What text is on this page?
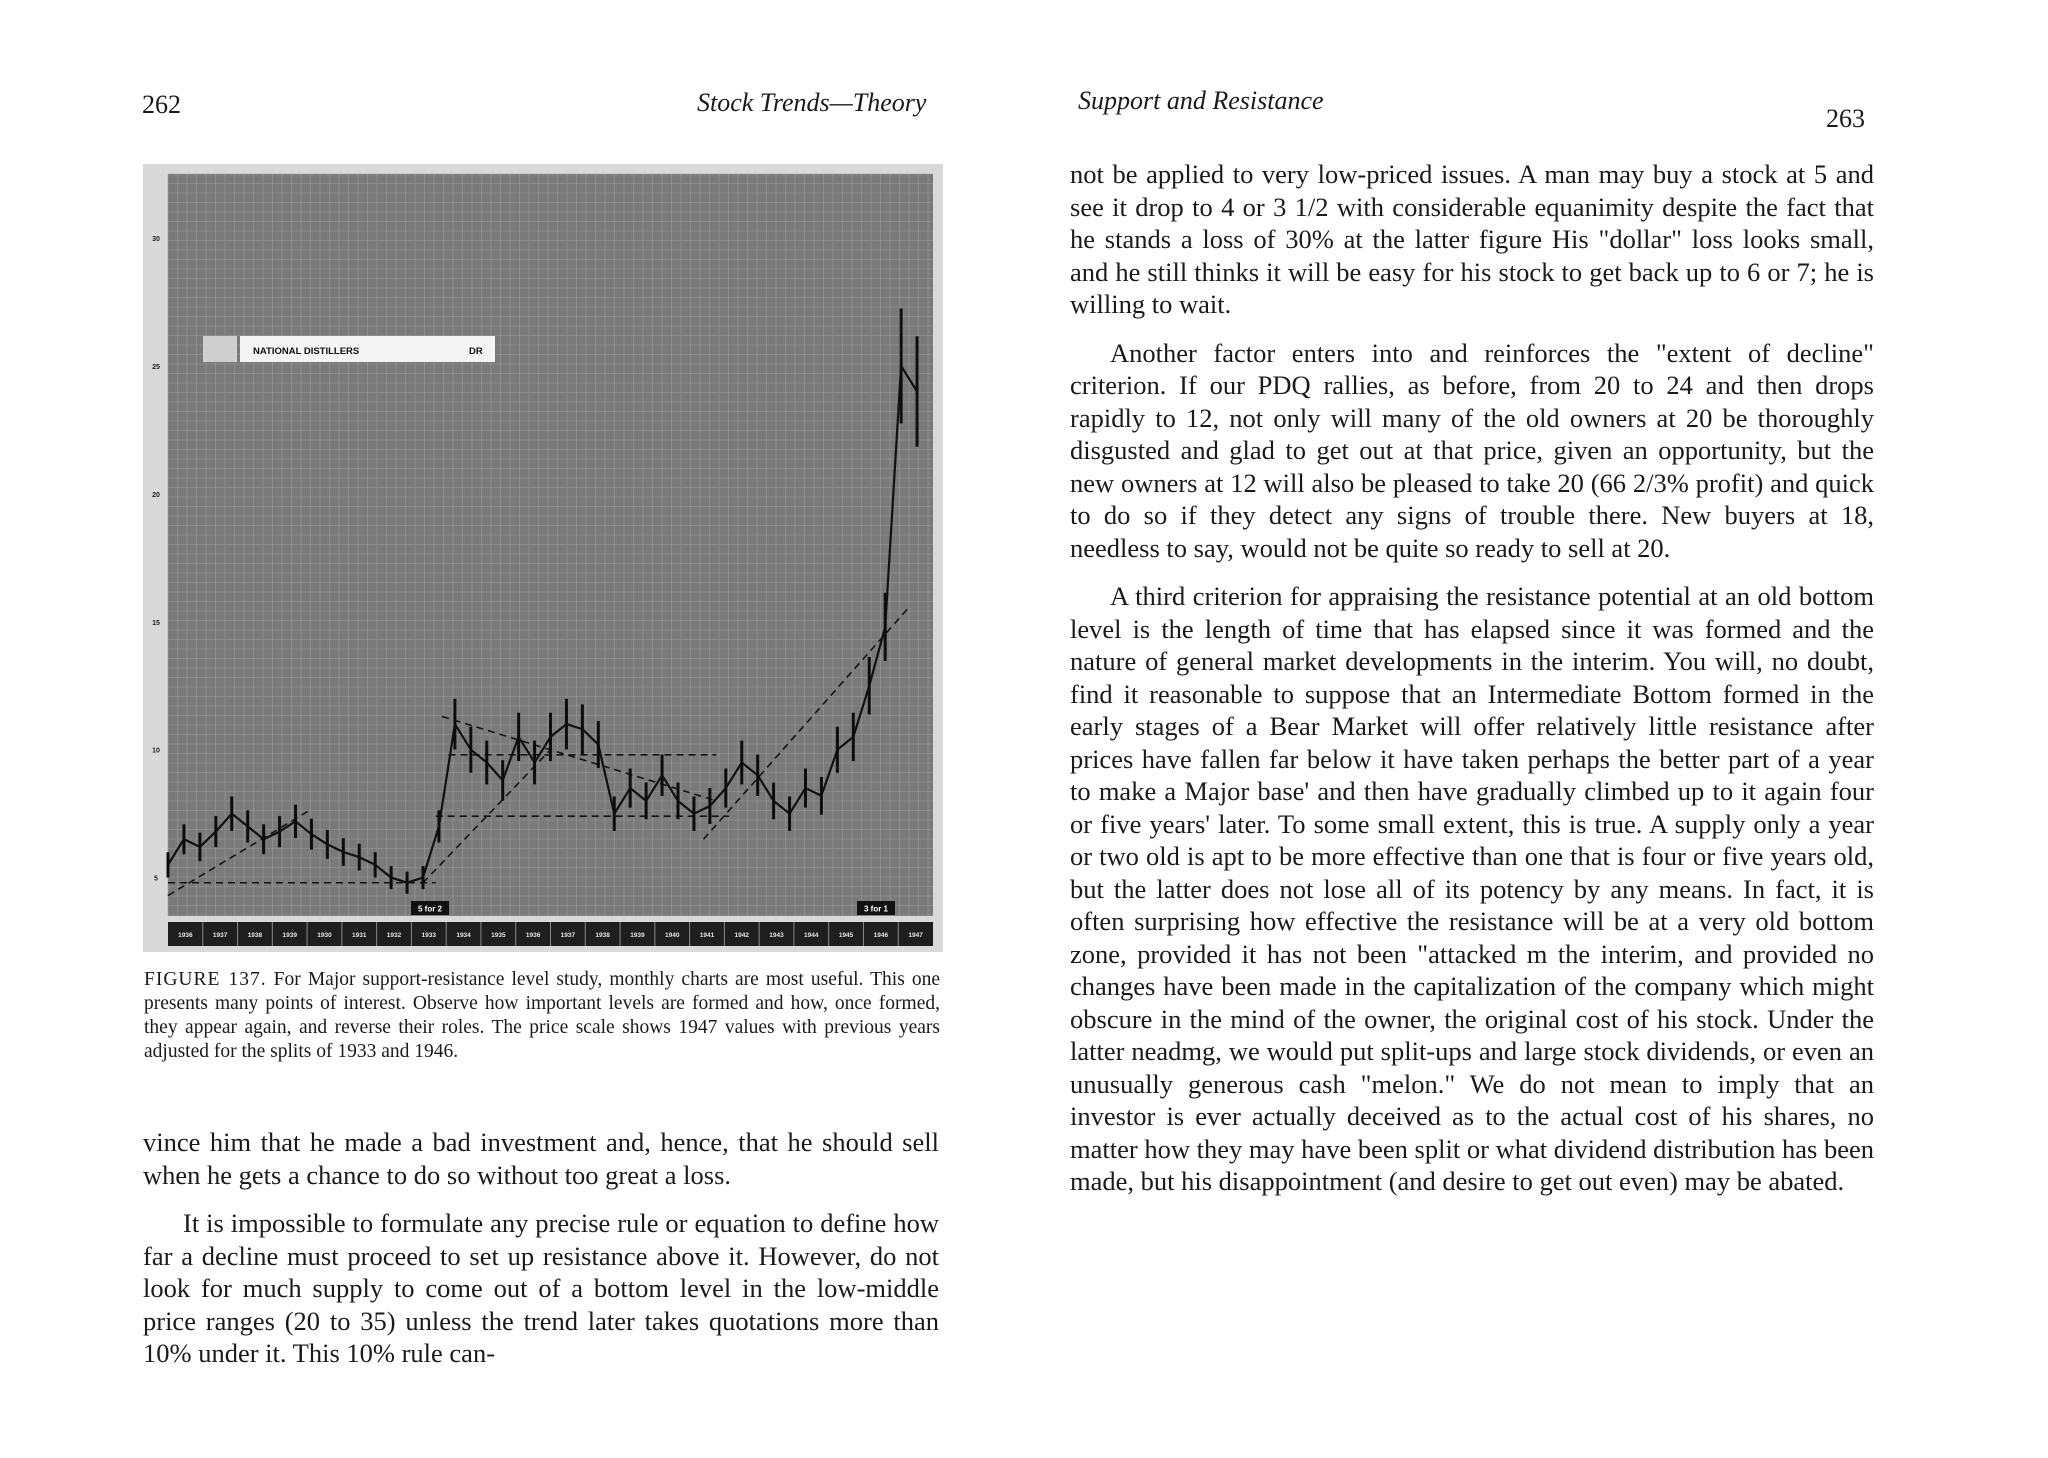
262	Stock Trends—Theory
30
25
20
15
10
5
1936	1937	1938	1939	1930	1931	1932	1933	1934	1935	1936	1937	1938	1939	1940	1941	1942	1943	1944	1945	1946	1947
NATIONAL DISTILLERS	DR
5 for 2	3 for 1
FIGURE 137. For Major support-resistance level study, monthly charts are most useful. This one presents many points of interest. Observe how important levels are formed and how, once formed, they appear again, and reverse their roles. The price scale shows 1947 values with previous years adjusted for the splits of 1933 and 1946.

vince him that he made a bad investment and, hence, that he should sell when he gets a chance to do so without too great a loss.

It is impossible to formulate any precise rule or equation to define how far a decline must proceed to set up resistance above it. However, do not look for much supply to come out of a bottom level in the low-middle price ranges (20 to 35) unless the trend later takes quotations more than 10% under it. This 10% rule can-

Support and Resistance
263

not be applied to very low-priced issues. A man may buy a stock at 5 and see it drop to 4 or 3 1/2 with considerable equanimity despite the fact that he stands a loss of 30% at the latter figure His "dollar" loss looks small, and he still thinks it will be easy for his stock to get back up to 6 or 7; he is willing to wait.

Another factor enters into and reinforces the "extent of decline" criterion. If our PDQ rallies, as before, from 20 to 24 and then drops rapidly to 12, not only will many of the old owners at 20 be thoroughly disgusted and glad to get out at that price, given an opportunity, but the new owners at 12 will also be pleased to take 20 (66 2/3% profit) and quick to do so if they detect any signs of trouble there. New buyers at 18, needless to say, would not be quite so ready to sell at 20.

A third criterion for appraising the resistance potential at an old bottom level is the length of time that has elapsed since it was formed and the nature of general market developments in the interim. You will, no doubt, find it reasonable to suppose that an Intermediate Bottom formed in the early stages of a Bear Market will offer relatively little resistance after prices have fallen far below it have taken perhaps the better part of a year to make a Major base' and then have gradually climbed up to it again four or five years' later. To some small extent, this is true. A supply only a year or two old is apt to be more effective than one that is four or five years old, but the latter does not lose all of its potency by any means. In fact, it is often surprising how effective the resistance will be at a very old bottom zone, provided it has not been "attacked m the interim, and provided no changes have been made in the capitalization of the company which might obscure in the mind of the owner, the original cost of his stock. Under the latter neadmg, we would put split-ups and large stock dividends, or even an unusually generous cash "melon." We do not mean to imply that an investor is ever actually deceived as to the actual cost of his shares, no matter how they may have been split or what dividend distribution has been made, but his disappointment (and desire to get out even) may be abated.
